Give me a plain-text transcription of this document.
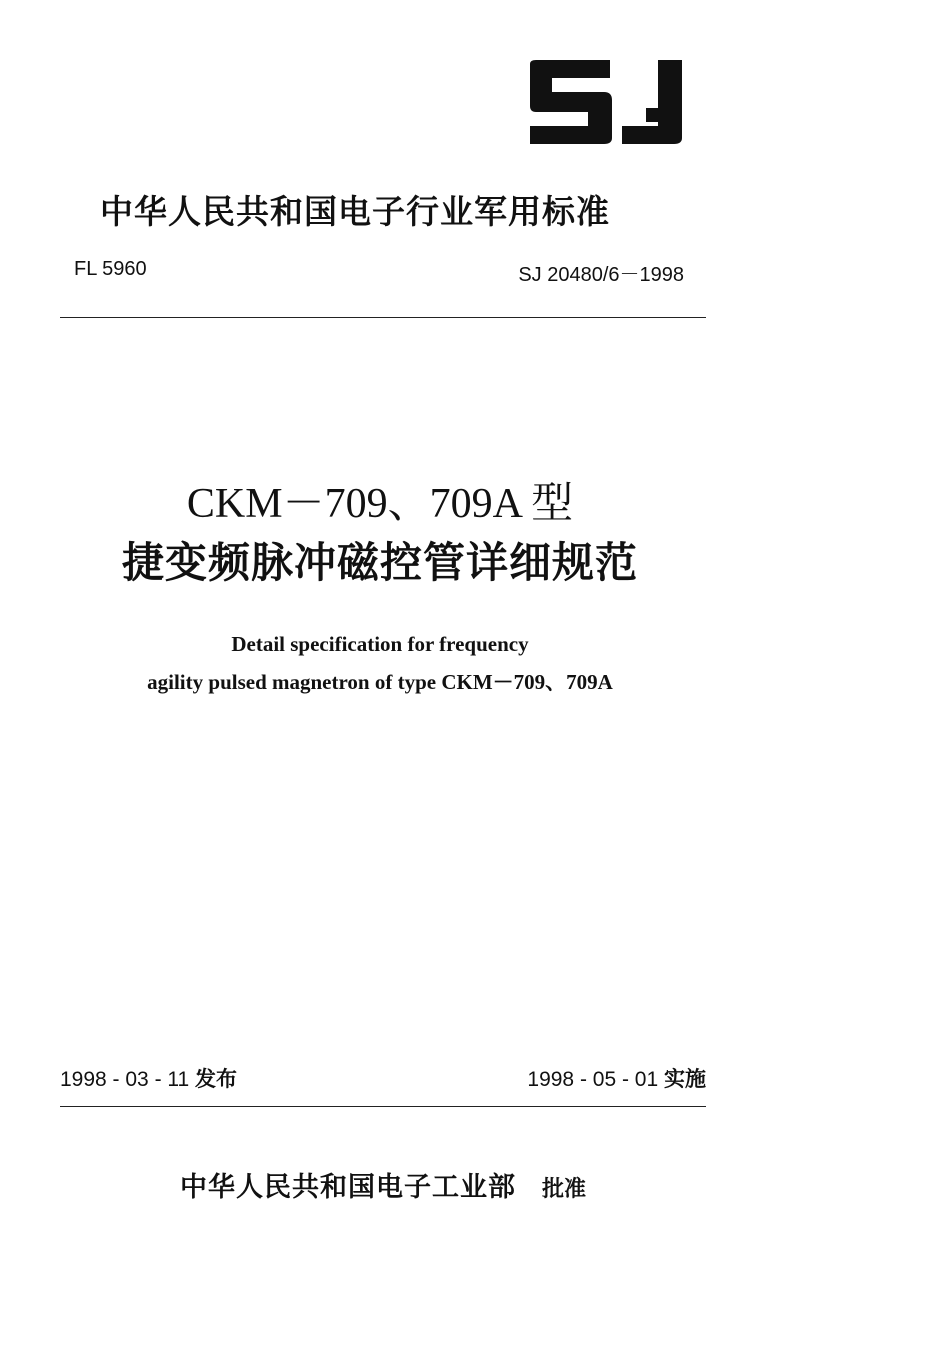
中华人民共和国电子行业军用标准
FL 5960	SJ 20480/6－1998
CKM－709、709A 型
捷变频脉冲磁控管详细规范
Detail specification for frequency
agility pulsed magnetron of type CKM－709、709A
1998 - 03 - 11 发布	1998 - 05 - 01 实施
中华人民共和国电子工业部 批准
